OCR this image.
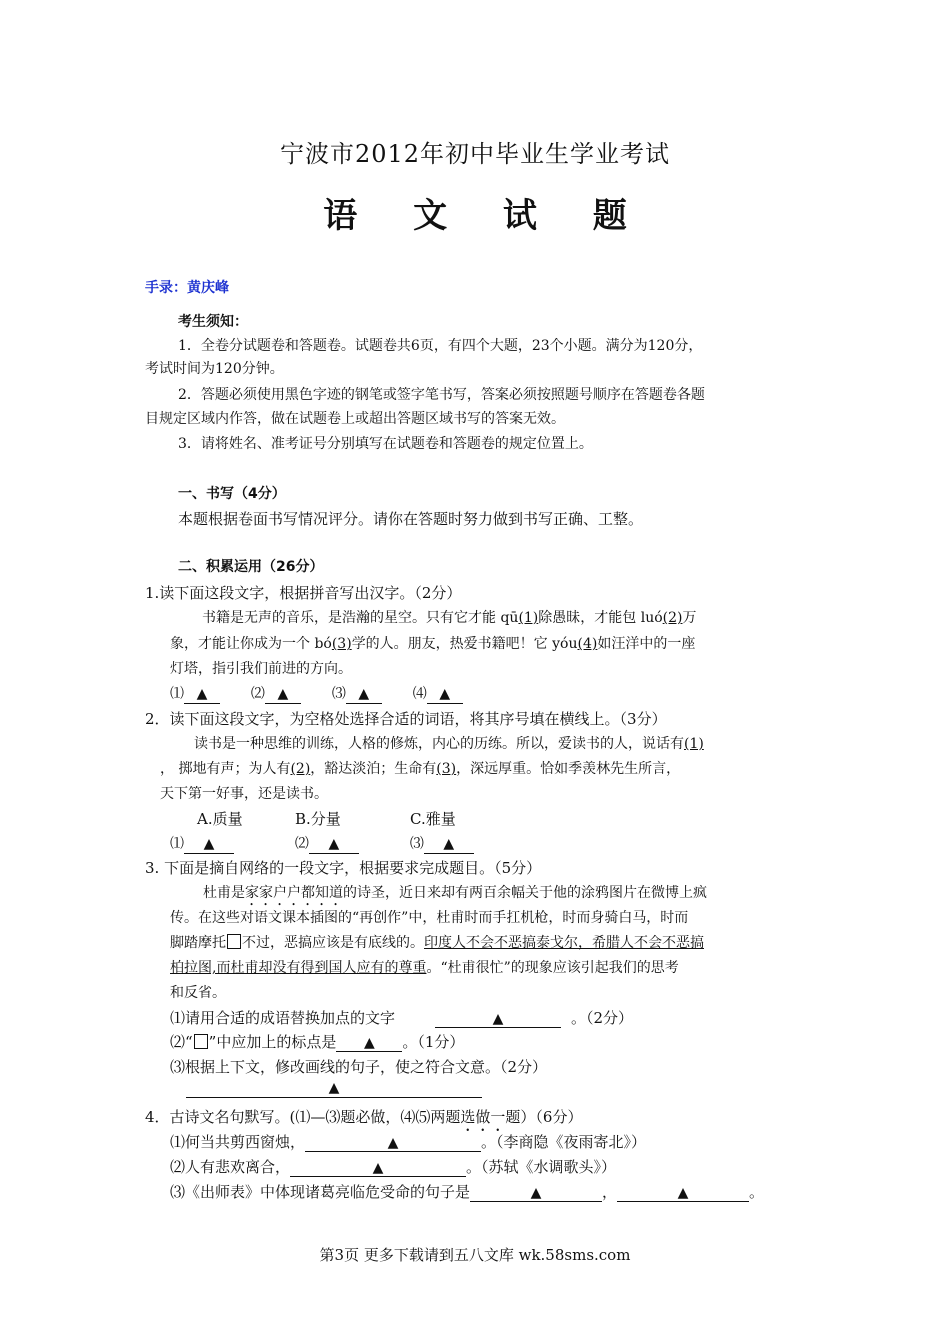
宁波市2012年初中毕业生学业考试
语 文 试 题
手录：黄庆峰
考生须知：
1．全卷分试题卷和答题卷。试题卷共6页，有四个大题，23个小题。满分为120分，
考试时间为120分钟。
2．答题必须使用黑色字迹的钢笔或签字笔书写，答案必须按照题号顺序在答题卷各题
目规定区域内作答，做在试题卷上或超出答题区域书写的答案无效。
3．请将姓名、准考证号分别填写在试题卷和答题卷的规定位置上。
一、书写（4分）
本题根据卷面书写情况评分。请你在答题时努力做到书写正确、工整。
二、积累运用（26分）
1.读下面这段文字，根据拼音写出汉字。（2分）
书籍是无声的音乐，是浩瀚的星空。只有它才能 qū(1)除愚昧，才能包 luó(2)万
象，才能让你成为一个 bó(3)学的人。朋友，热爱书籍吧！它 yóu(4)如汪洋中的一座
灯塔，指引我们前进的方向。
⑴ ▲	⑵ ▲	⑶ ▲	⑷ ▲
2．读下面这段文字，为空格处选择合适的词语，将其序号填在横线上。（3分）
读书是一种思维的训练，人格的修炼，内心的历练。所以，爱读书的人，说话有(1)
， 掷地有声；为人有(2)，豁达淡泊；生命有(3)，深远厚重。恰如季羡林先生所言，
天下第一好事，还是读书。
A.质量	B.分量	C.雅量
⑴ ▲	⑵ ▲	⑶ ▲
3. 下面是摘自网络的一段文字，根据要求完成题目。（5分）
杜甫是家家户户都知道的诗圣，近日来却有两百余幅关于他的涂鸦图片在微博上疯
传。在这些对语文课本插图的“再创作”中，杜甫时而手扛机枪，时而身骑白马，时而
脚踏摩托 不过，恶搞应该是有底线的。印度人不会不恶搞泰戈尔，希腊人不会不恶搞
柏拉图,而杜甫却没有得到国人应有的尊重。“杜甫很忙”的现象应该引起我们的思考
和反省。
⑴请用合适的成语替换加点的文字	▲	。（2分）
⑵“ ”中应加上的标点是 ▲ 。（1分）
⑶根据上下文，修改画线的句子，使之符合文意。（2分）
▲
4．古诗文名句默写。(⑴—⑶题必做，⑷⑸两题选做一题）（6分）
⑴何当共剪西窗烛，	▲	。（李商隐《夜雨寄北》）
⑵人有悲欢离合，	▲	。（苏轼《水调歌头》）
⑶《出师表》中体现诸葛亮临危受命的句子是	▲	，	▲	。
第3页 更多下载请到五八文库 wk.58sms.com
